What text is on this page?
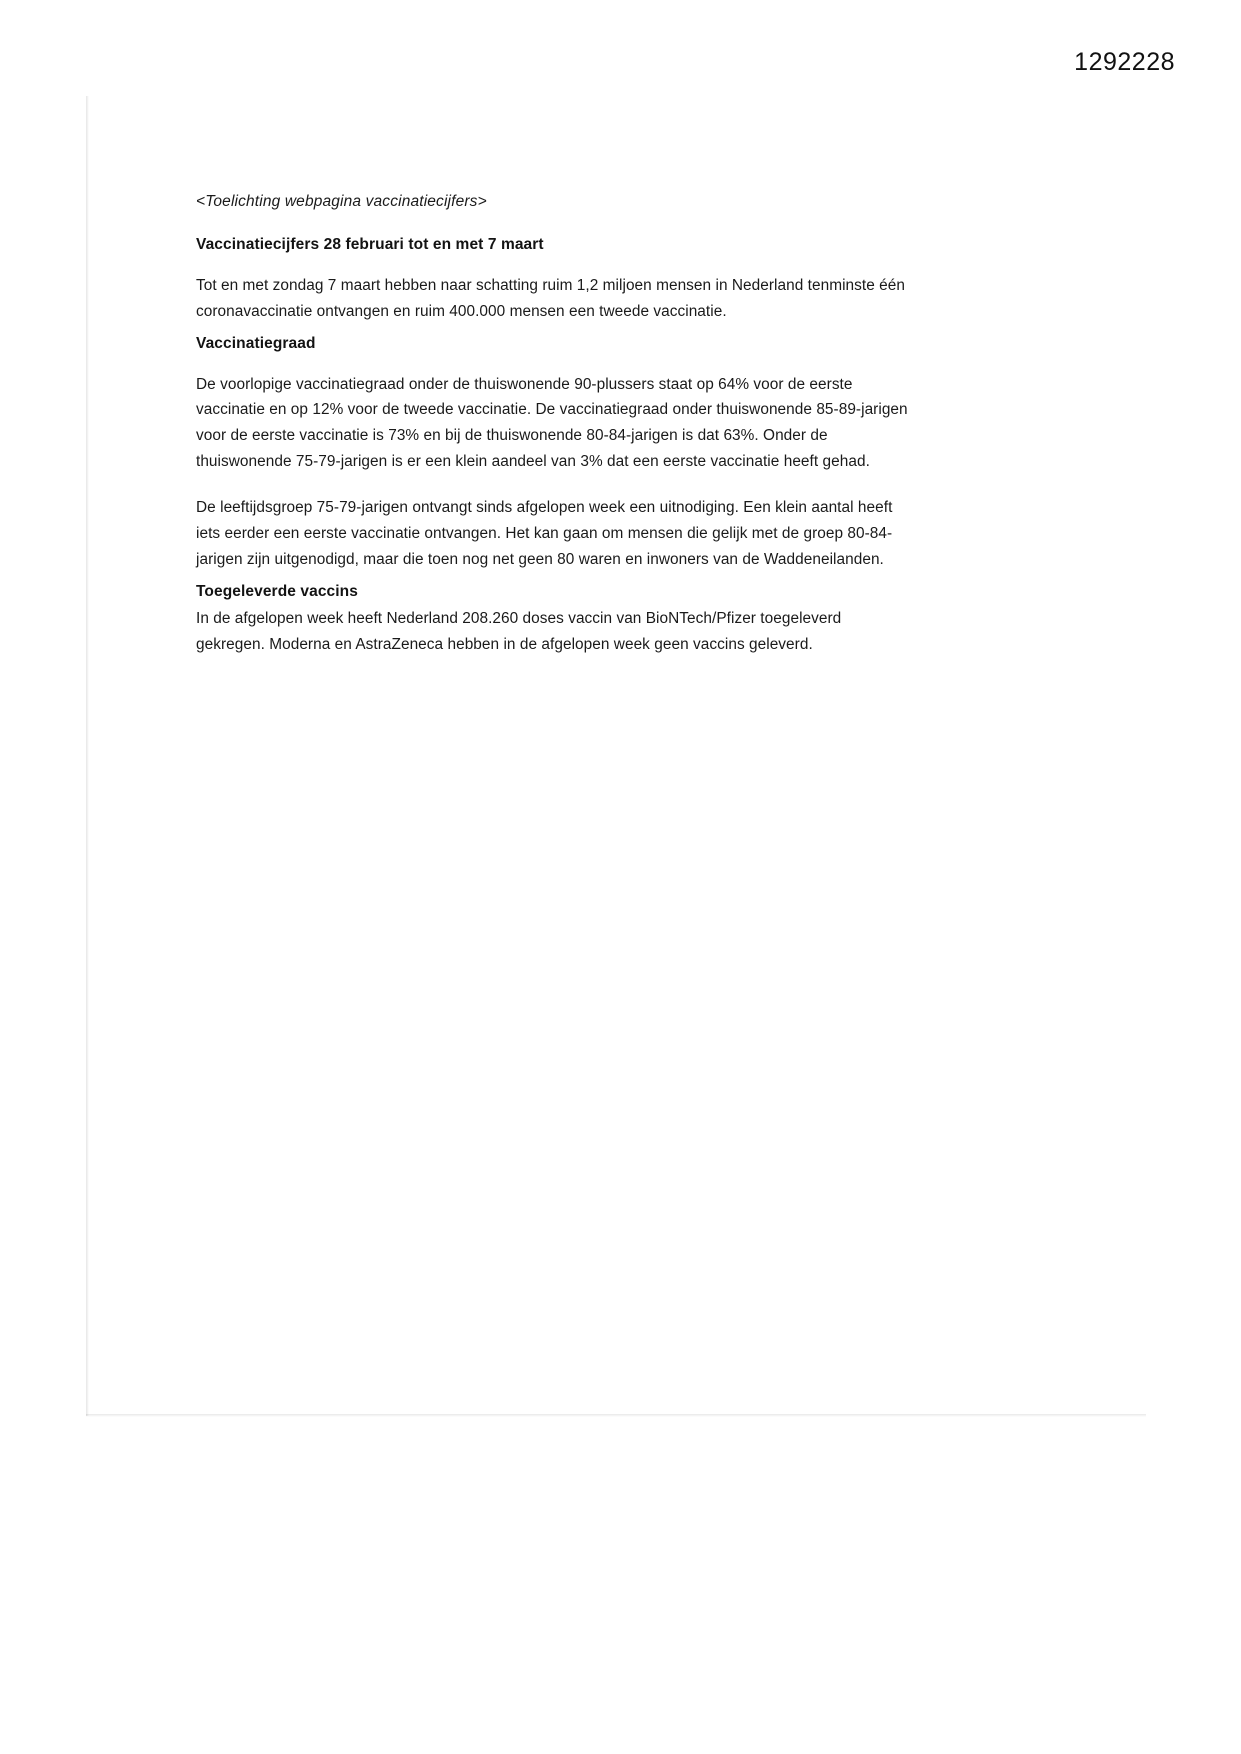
1292228
<Toelichting webpagina vaccinatiecijfers>
Vaccinatiecijfers 28 februari tot en met 7 maart

Tot en met zondag 7 maart hebben naar schatting ruim 1,2 miljoen mensen in Nederland tenminste één coronavaccinatie ontvangen en ruim 400.000 mensen een tweede vaccinatie.

Vaccinatiegraad

De voorlopige vaccinatiegraad onder de thuiswonende 90-plussers staat op 64% voor de eerste vaccinatie en op 12% voor de tweede vaccinatie. De vaccinatiegraad onder thuiswonende 85-89-jarigen voor de eerste vaccinatie is 73% en bij de thuiswonende 80-84-jarigen is dat 63%. Onder de thuiswonende 75-79-jarigen is er een klein aandeel van 3% dat een eerste vaccinatie heeft gehad.

De leeftijdsgroep 75-79-jarigen ontvangt sinds afgelopen week een uitnodiging. Een klein aantal heeft iets eerder een eerste vaccinatie ontvangen. Het kan gaan om mensen die gelijk met de groep 80-84-jarigen zijn uitgenodigd, maar die toen nog net geen 80 waren en inwoners van de Waddeneilanden.

Toegeleverde vaccins

In de afgelopen week heeft Nederland 208.260 doses vaccin van BioNTech/Pfizer toegeleverd gekregen. Moderna en AstraZeneca hebben in de afgelopen week geen vaccins geleverd.
